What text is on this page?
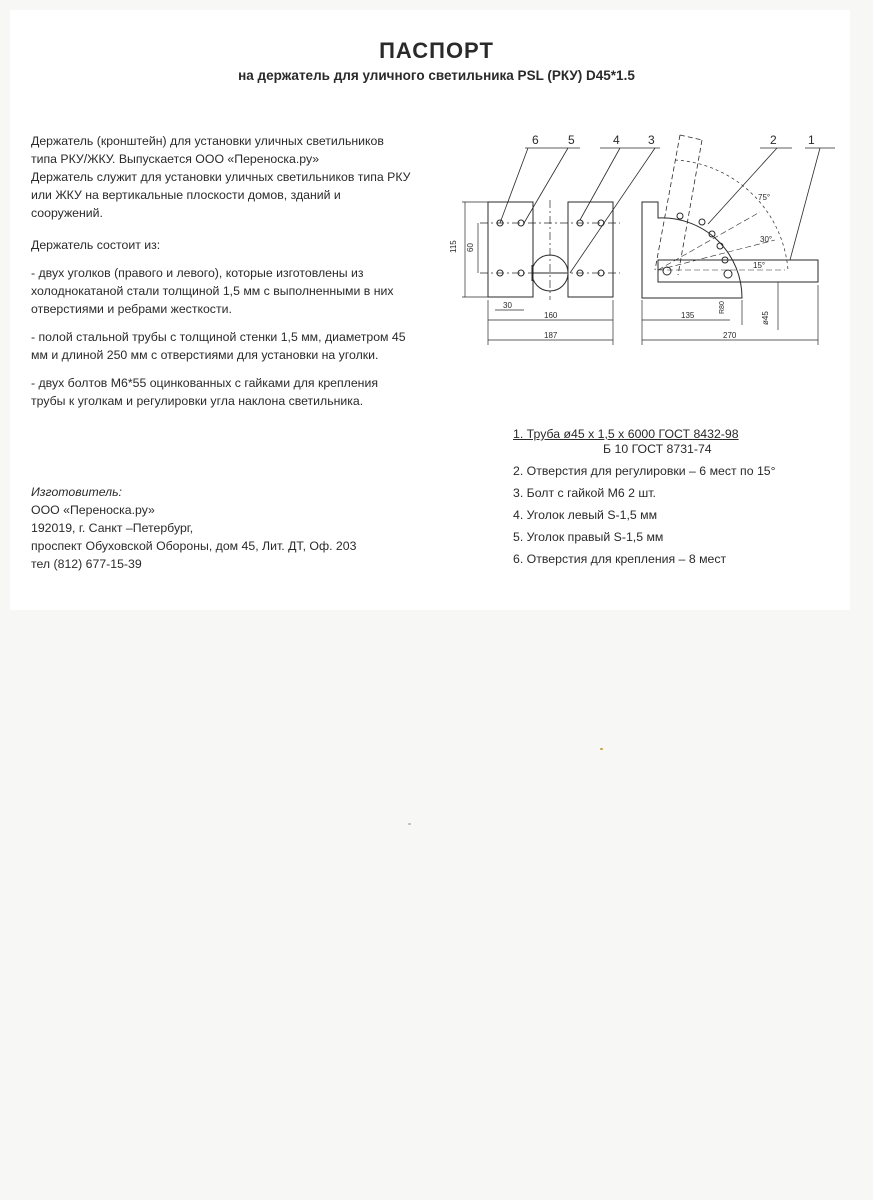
ПАСПОРТ
на держатель для уличного светильника PSL (РКУ) D45*1.5

Держатель (кронштейн) для установки уличных светильников типа РКУ/ЖКУ. Выпускается ООО «Переноска.ру»

Держатель служит для установки уличных светильников типа РКУ или ЖКУ на вертикальные плоскости домов, зданий и сооружений.

Держатель состоит из:

- двух уголков (правого и левого), которые изготовлены из холоднокатаной стали толщиной 1,5 мм с выполненными в них отверстиями и ребрами жесткости.

- полой стальной трубы с толщиной стенки 1,5 мм, диаметром 45 мм и длиной 250 мм с отверстиями для установки на уголки.

- двух болтов М6*55 оцинкованных с гайками для крепления трубы к уголкам и регулировки угла наклона светильника.

Изготовитель:
ООО «Переноска.ру»
192019, г. Санкт –Петербург,
проспект Обуховской Обороны, дом 45, Лит. ДТ, Оф. 203
тел (812) 677-15-39
115 60
30
160
187
75°
30°
15°
135
R80
ø45
270
6 5	4 3	2	1
1. Труба ø45 х 1,5 х 6000 ГОСТ 8432-98
Б 10 ГОСТ 8731-74
2. Отверстия для регулировки – 6 мест по 15°
3. Болт с гайкой М6 2 шт.
4. Уголок левый S-1,5 мм
5. Уголок правый S-1,5 мм
6. Отверстия для крепления – 8 мест
